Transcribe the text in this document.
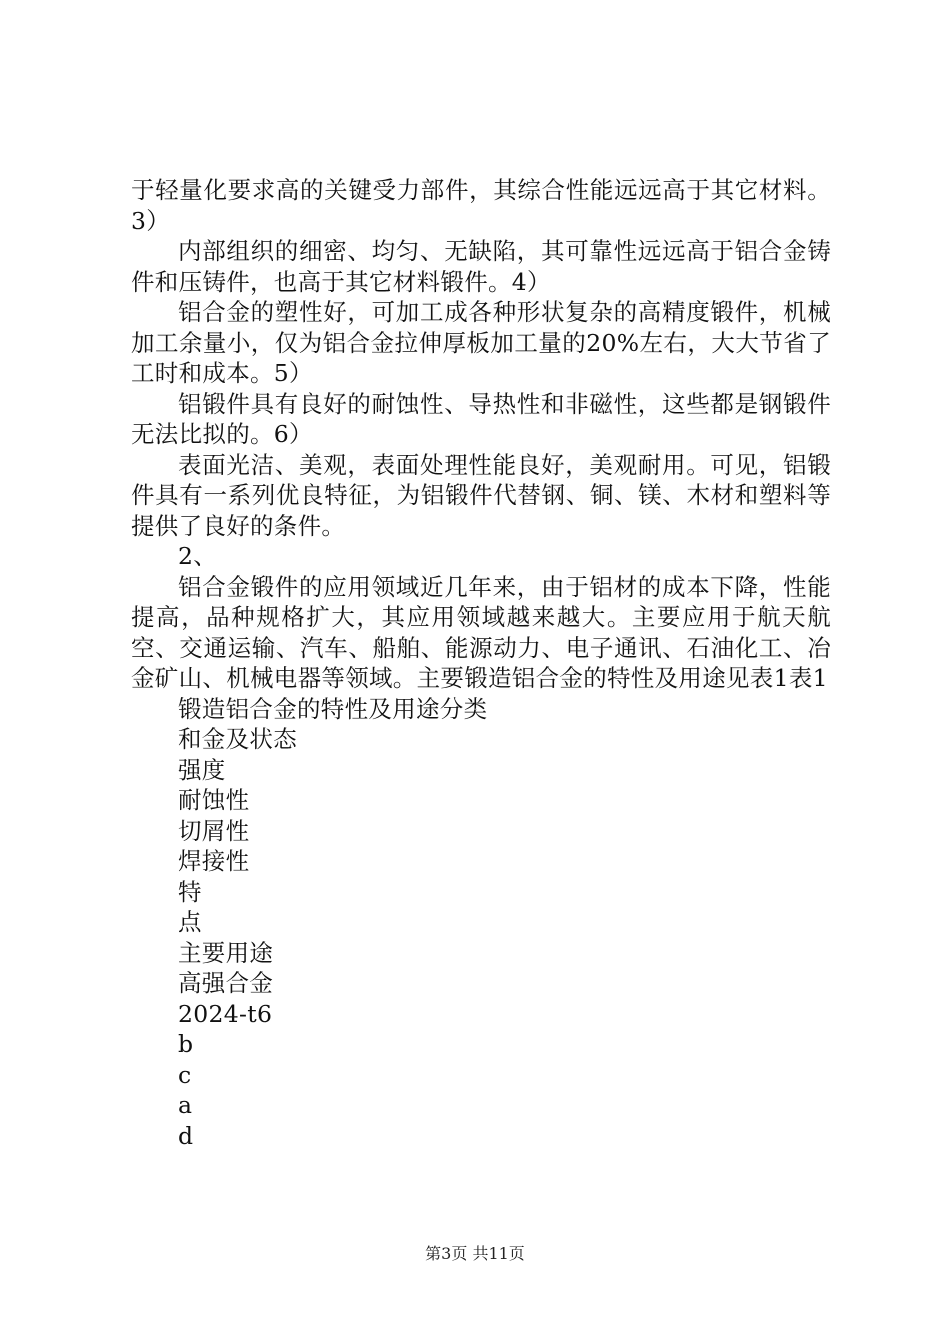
于轻量化要求高的关键受力部件，其综合性能远远高于其它材料。3）

内部组织的细密、均匀、无缺陷，其可靠性远远高于铝合金铸件和压铸件，也高于其它材料锻件。4）

铝合金的塑性好，可加工成各种形状复杂的高精度锻件，机械加工余量小，仅为铝合金拉伸厚板加工量的20%左右，大大节省了工时和成本。5）

铝锻件具有良好的耐蚀性、导热性和非磁性，这些都是钢锻件无法比拟的。6）

表面光洁、美观，表面处理性能良好，美观耐用。可见，铝锻件具有一系列优良特征，为铝锻件代替钢、铜、镁、木材和塑料等提供了良好的条件。

2、

铝合金锻件的应用领域近几年来，由于铝材的成本下降，性能提高，品种规格扩大，其应用领域越来越大。主要应用于航天航空、交通运输、汽车、船舶、能源动力、电子通讯、石油化工、冶金矿山、机械电器等领域。主要锻造铝合金的特性及用途见表1表1

锻造铝合金的特性及用途分类

和金及状态

强度

耐蚀性

切屑性

焊接性

特

点

主要用途

高强合金

2024-t6

b

c

a

d

第3页 共11页
